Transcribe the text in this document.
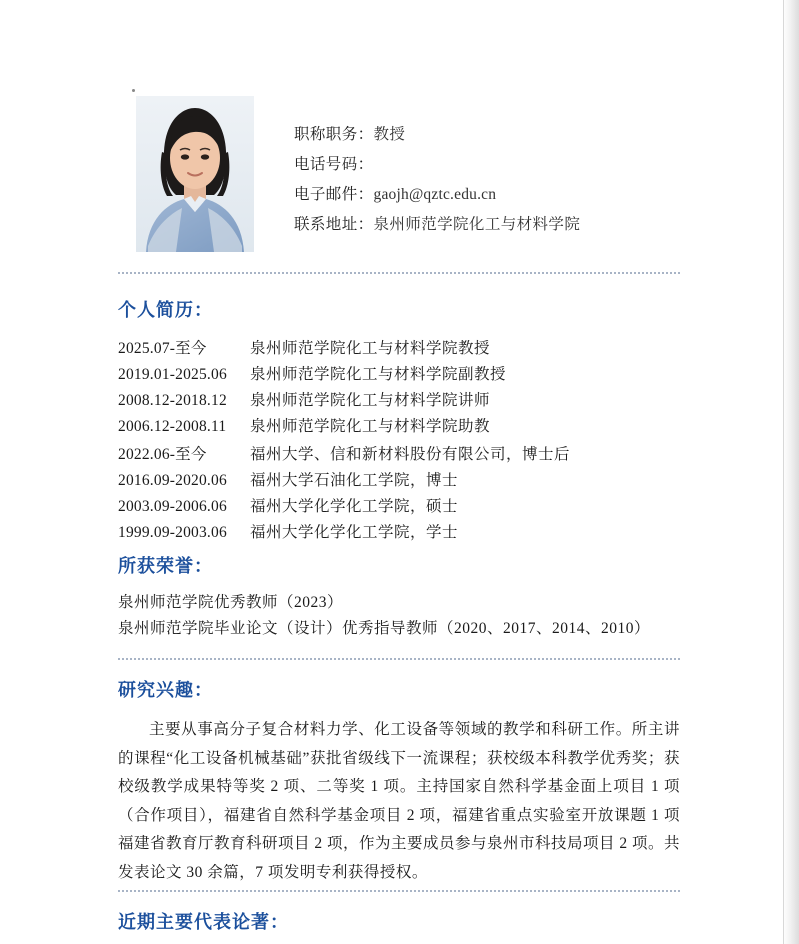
职称职务：教授
电话号码：
电子邮件：gaojh@qztc.edu.cn
联系地址：泉州师范学院化工与材料学院
个人简历：
2025.07-至今	泉州师范学院化工与材料学院教授
2019.01-2025.06 泉州师范学院化工与材料学院副教授
2008.12-2018.12 泉州师范学院化工与材料学院讲师
2006.12-2008.11 泉州师范学院化工与材料学院助教
2022.06-至今	福州大学、信和新材料股份有限公司，博士后
2016.09-2020.06 福州大学石油化工学院，博士
2003.09-2006.06 福州大学化学化工学院，硕士
1999.09-2003.06 福州大学化学化工学院，学士
所获荣誉：
泉州师范学院优秀教师（2023）
泉州师范学院毕业论文（设计）优秀指导教师（2020、2017、2014、2010）
研究兴趣：
主要从事高分子复合材料力学、化工设备等领域的教学和科研工作。所主讲的课程“化工设备机械基础”获批省级线下一流课程；获校级本科教学优秀奖；获校级教学成果特等奖 2 项、二等奖 1 项。主持国家自然科学基金面上项目 1 项（合作项目），福建省自然科学基金项目 2 项，福建省重点实验室开放课题 1 项福建省教育厅教育科研项目 2 项，作为主要成员参与泉州市科技局项目 2 项。共发表论文 30 余篇，7 项发明专利获得授权。
近期主要代表论著：
